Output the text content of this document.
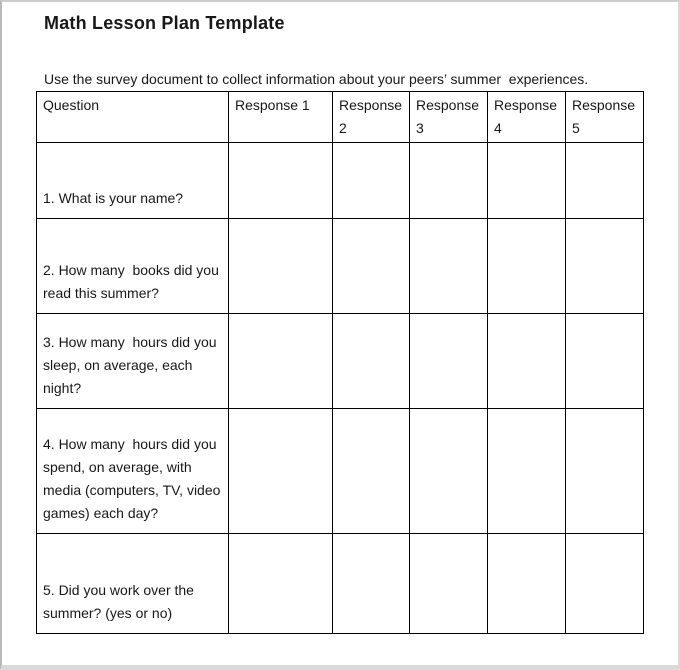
Math Lesson Plan Template

Use the survey document to collect information about your peers’ summer  experiences.

Question	Response 1	Response 2	Response 3	Response 4	Response 5
1. What is your name?					
2. How many  books did you read this summer?					
3. How many  hours did you sleep, on average, each night?					
4. How many  hours did you spend, on average, with media (computers, TV, video games) each day?					
5. Did you work over the summer? (yes or no)					
